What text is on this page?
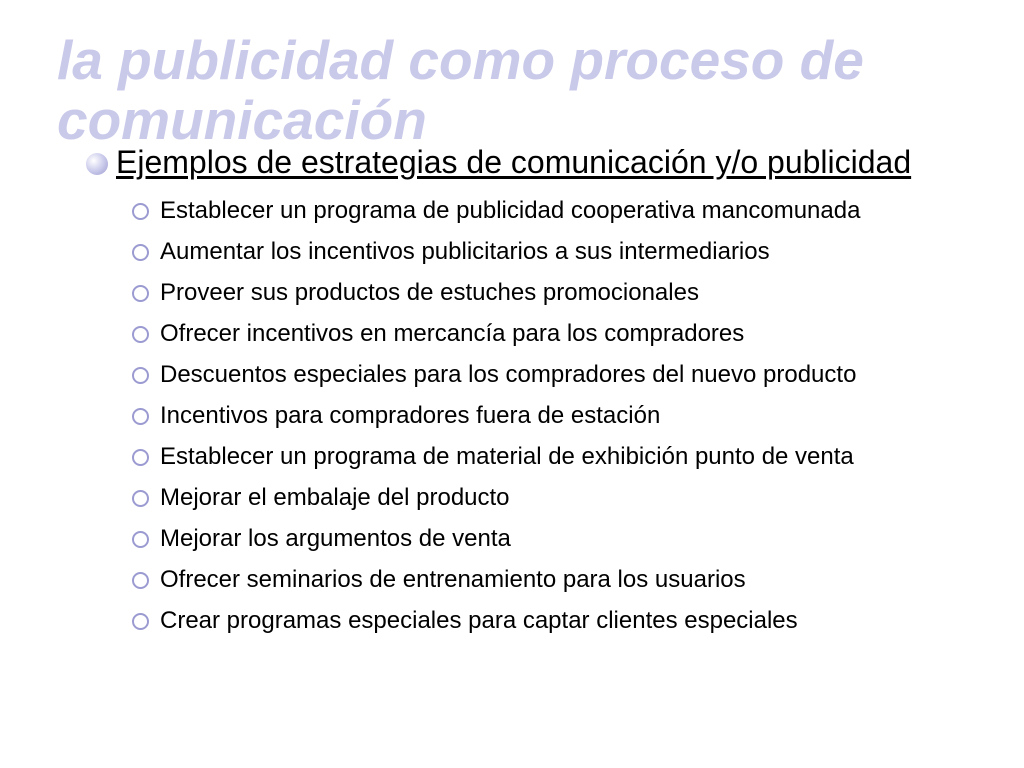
la publicidad como proceso de comunicación
Ejemplos de estrategias de comunicación y/o publicidad
Establecer un programa de publicidad cooperativa mancomunada
Aumentar los incentivos publicitarios a sus intermediarios
Proveer sus productos de estuches promocionales
Ofrecer incentivos en mercancía para los compradores
Descuentos especiales para los compradores del nuevo producto
Incentivos para compradores fuera de estación
Establecer un programa de material de exhibición punto de venta
Mejorar el embalaje del producto
Mejorar los argumentos de venta
Ofrecer seminarios de entrenamiento para los usuarios
Crear programas especiales para captar clientes especiales
